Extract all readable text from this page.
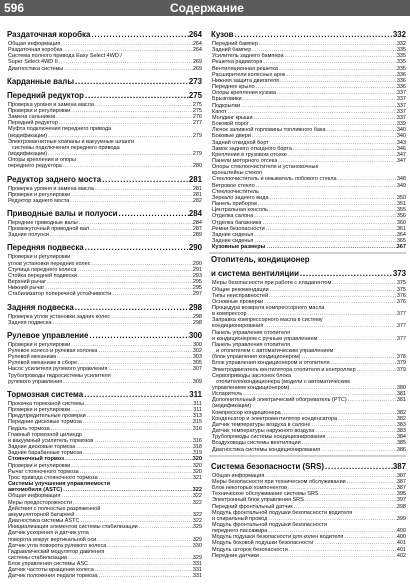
596	Содержание
Раздаточная коробка .....	264
Общая информация .....	264
Раздаточная коробка .....	264
Система полного привода Easy Select 4WD /
Super Select 4WD II .....	269
Диагностика системы .....	269
Карданные валы .....	273
Передний редуктор .....	275
Проверка уровня и замена масла .....	275
Проверки и регулировки .....	275
Замена сальников .....	276
Передний редуктор .....	277
Муфта подключения переднего привода
(модификации) .....	279
Электромагнитные клапаны и вакуумные шланги
системы подключения переднего привода
(модификации) .....	279
Опоры крепления и опоры
переднего редуктора .....	280
Редуктор заднего моста .....	281
Проверка уровня и замена масла .....	281
Проверки и регулировки .....	281
Редуктор заднего моста .....	282
Приводные валы и полуоси .....	284
Передние приводные валы .....	284
Промежуточный приводной вал .....	287
Задние полуоси .....	289
Передняя подвеска .....	290
Проверки и регулировки
углов установки передних колес .....	290
Ступица переднего колеса .....	291
Стойка передней подвески .....	293
Верхний рычаг .....	295
Нижний рычаг .....	295
Стабилизатор поперечной устойчивости .....	297
Задняя подвеска .....	298
Проверка углов установки задних колес .....	298
Задняя подвеска .....	298
Рулевое управление .....	300
Проверки и регулировки .....	300
Рулевое колесо и рулевая колонка .....	302
Рулевой механизм .....	303
Рулевой механизм в сборе .....	305
Насос усилителя рулевого управления .....	307
Трубопроводы гидросистемы усилителя
рулевого управления .....	309
Тормозная система .....	311
Прокачка тормозной системы .....	311
Проверки и регулировки .....	311
Предупредительные проверки .....	313
Передние дисковые тормоза .....	315
Педаль тормоза .....	316
Главный тормозной цилиндр
и вакуумный усилитель тормозов .....	316
Задние дисковые тормоза .....	318
Задние барабанные тормоза .....	319
Стояночный тормоз .....	320
Проверки и регулировки .....	320
Рычаг стояночного тормоза .....	320
Трос привода стояночного тормоза .....	321
Системы улучшения управляемости
автомобиля (ASTC) .....	322
Общая информация .....	322
Меры предосторожности .....	322
Действия с полностью разряженной
аккумуляторной батареей .....	322
Диагностика системы ASTC .....	322
Инициализация элементов системы стабилизации .....	329
Датчик ускорения и датчик угла
поворота вокруг вертикальной оси .....	329
Датчик угла поворота рулевого колеса .....	330
Гидравлический модулятор давления
системы стабилизации .....	329
Блок управления системы ASC .....	331
Датчик частоты вращения колеса .....	331
Датчик положения педали тормоза .....	331
Кузов .....	332
Передний бампер .....	332
Задний бампер .....	335
Усилитель заднего бампера .....	335
Решетка радиатора .....	335
Вентиляционная решетка .....	335
Расширители колесных арок .....	336
Нижняя защита двигателя .....	336
Переднее крыло .....	336
Опоры крепления кузова .....	337
Брызговики .....	337
Подкрылки .....	337
Капот .....	337
Молдинг крыши .....	337
Боковой порог .....	339
Лючок заливной горловины топливного бака .....	340
Боковые двери .....	340
Задний откидной борт .....	343
Замок заднего откидного борта .....	346
Крепления в грузовом отсеке .....	347
Панели моторного отсека .....	347
Опоры стеклоочистителя и установочные
кронштейны стекол
Стеклоочиститель и омыватель лобового стекла .....	348
Ветровое стекло .....	349
Стеклоочиститель
Зеркало заднего вида .....	350
Панель приборов .....	351
Центральная консоль .....	355
Отделка салона .....	356
Отделка багажника .....	360
Ремни безопасности .....	361
Задние сиденья .....	364
Задние сиденья .....	365
Кузовные размеры .....	367
Отопитель, кондиционер
и система вентиляции .....	373
Меры безопасности при работе с хладагентом .....	375
Общие рекомендации .....	375
Типы неисправностей .....	376
Основные проверки .....	376
Процедура возврата компрессорного масла
в компрессор .....	377
Заправка компрессорного масла в систему
кондиционирования .....	377
Панель управления отопителя
и кондиционером с ручным управлением .....	377
Панель управления отопителя
и отопителем с автоматическим управлением
(блок управления кондиционером) .....	378
Блок управления кондиционером и отопителя .....	379
Электродвигатель вентилятора отопителя и контроллер .....	379
Сервоприводы заслонок блока
отопителя/кондиционера (модели с автоматическим
управлением кондиционером) .....	380
Испаритель .....	381
Дополнительный электрический обогреватель (PTC) .....	381
(модификации)
Компрессор кондиционера .....	382
Конденсатор и электровентилятор конденсатора .....	382
Датчик температуры воздуха в салоне .....	383
Датчик температуры наружного воздуха .....	383
Трубопроводы системы кондиционирования .....	384
Воздуховоды системы вентиляции .....	385
Диагностика системы кондиционирования .....	386
Система безопасности (SRS) .....	387
Общая информация .....	387
Меры безопасности при техническом обслуживании .....	387
Блок некоторых компонентов .....	387
Техническое обслуживание системы SRS .....	395
Электронный блок управления SRS .....	397
Передний фронтальный датчик .....	398
Модуль фронтальной подушки безопасности водителя
и спиральный провод .....	399
Модуль фронтальной подушки безопасности
переднего пассажира .....	400
Модуль подушки безопасности для колен водителя .....	400
Модуль боковой подушки безопасности .....	401
Модуль шторок безопасности .....	401
Передние датчики .....	402
